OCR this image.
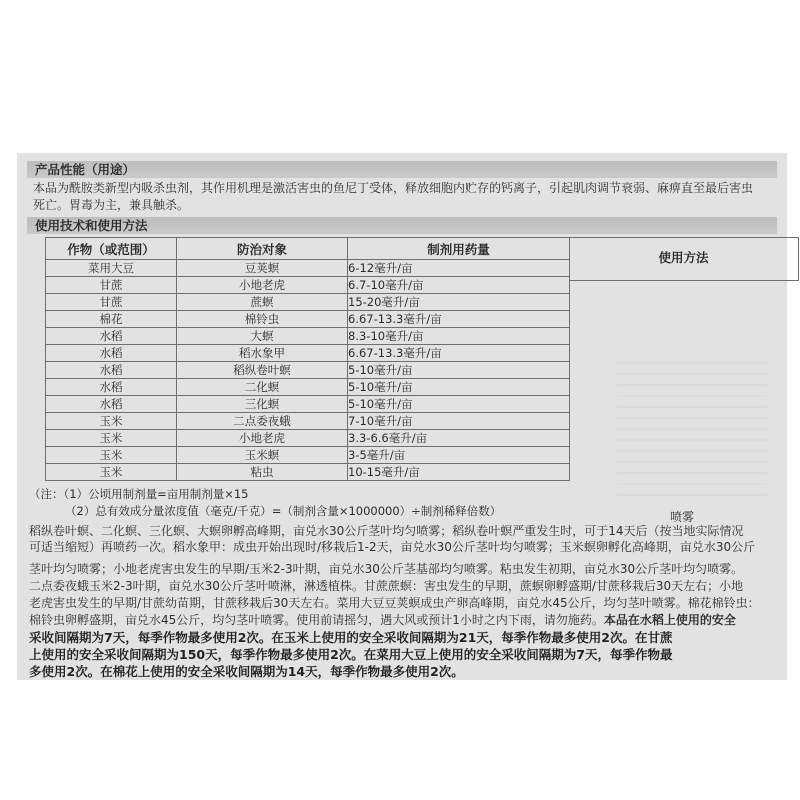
产品性能（用途）
本品为酰胺类新型内吸杀虫剂，其作用机理是激活害虫的鱼尼丁受体，释放细胞内贮存的钙离子，引起肌肉调节衰弱、麻痹直至最后害虫
死亡。胃毒为主，兼具触杀。
使用技术和使用方法
作物（或范围）	防治对象	制剂用药量
菜用大豆	豆荚螟	6-12毫升/亩
甘蔗	小地老虎	6.7-10毫升/亩
甘蔗	蔗螟	15-20毫升/亩
棉花	棉铃虫	6.67-13.3毫升/亩
水稻	大螟	8.3-10毫升/亩
水稻	稻水象甲	6.67-13.3毫升/亩
水稻	稻纵卷叶螟	5-10毫升/亩
水稻	二化螟	5-10毫升/亩
水稻	三化螟	5-10毫升/亩
玉米	二点委夜蛾	7-10毫升/亩
玉米	小地老虎	3.3-6.6毫升/亩
玉米	玉米螟	3-5毫升/亩
玉米	粘虫	10-15毫升/亩
使用方法
喷雾
（注：（1）公顷用制剂量=亩用制剂量×15
（2）总有效成分量浓度值（毫克/千克）=（制剂含量×1000000）÷制剂稀释倍数）
稻纵卷叶螟、二化螟、三化螟、大螟卵孵高峰期，亩兑水30公斤茎叶均匀喷雾；稻纵卷叶螟严重发生时，可于14天后（按当地实际情况
可适当缩短）再喷药一次。稻水象甲：成虫开始出现时/移栽后1-2天，亩兑水30公斤茎叶均匀喷雾；玉米螟卵孵化高峰期，亩兑水30公斤
茎叶均匀喷雾；小地老虎害虫发生的早期/玉米2-3叶期，亩兑水30公斤茎基部均匀喷雾。粘虫发生初期，亩兑水30公斤茎叶均匀喷雾。
二点委夜蛾玉米2-3叶期，亩兑水30公斤茎叶喷淋，淋透植株。甘蔗蔗螟：害虫发生的早期，蔗螟卵孵盛期/甘蔗移栽后30天左右；小地
老虎害虫发生的早期/甘蔗幼苗期，甘蔗移栽后30天左右。菜用大豆豆荚螟成虫产卵高峰期，亩兑水45公斤，均匀茎叶喷雾。棉花棉铃虫：
棉铃虫卵孵盛期，亩兑水45公斤，均匀茎叶喷雾。使用前请摇匀，遇大风或预计1小时之内下雨，请勿施药。本品在水稻上使用的安全
采收间隔期为7天，每季作物最多使用2次。在玉米上使用的安全采收间隔期为21天，每季作物最多使用2次。在甘蔗
上使用的安全采收间隔期为150天，每季作物最多使用2次。在菜用大豆上使用的安全采收间隔期为7天，每季作物最
多使用2次。在棉花上使用的安全采收间隔期为14天，每季作物最多使用2次。
